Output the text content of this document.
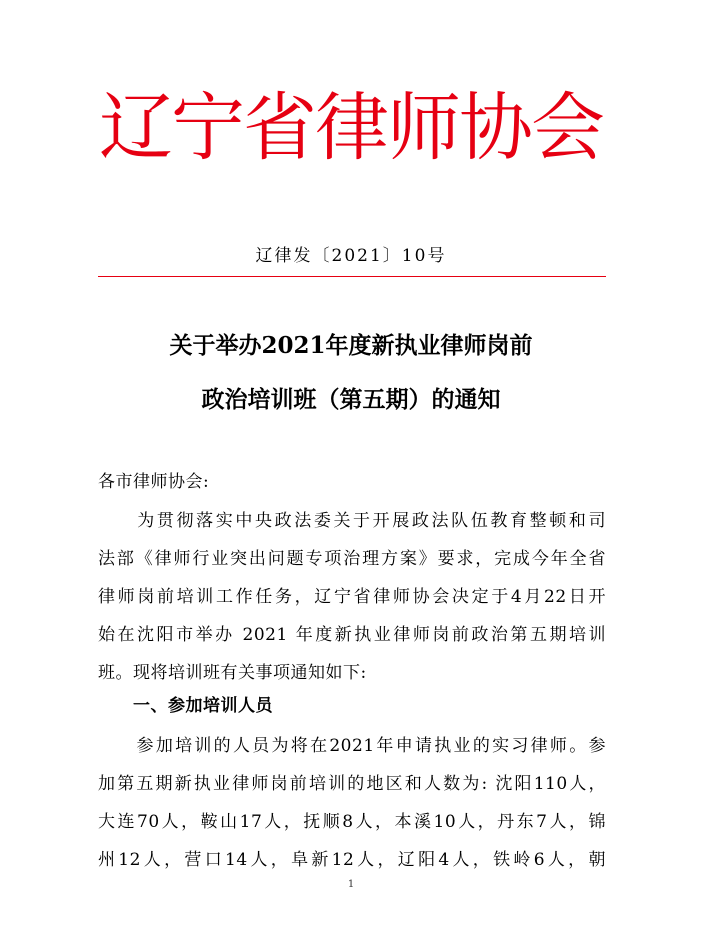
辽宁省律师协会
辽律发〔2021〕10号
关于举办2021年度新执业律师岗前
政治培训班（第五期）的通知
各市律师协会:
　　为贯彻落实中央政法委关于开展政法队伍教育整顿和司
法部《律师行业突出问题专项治理方案》要求，完成今年全省
律师岗前培训工作任务，辽宁省律师协会决定于4月22日开
始在沈阳市举办 2021 年度新执业律师岗前政治第五期培训
班。现将培训班有关事项通知如下:
　　一、参加培训人员
　　参加培训的人员为将在2021年申请执业的实习律师。参
加第五期新执业律师岗前培训的地区和人数为: 沈阳110人，
大连70人，鞍山17人，抚顺8人，本溪10人，丹东7人，锦
州12人，营口14人，阜新12人，辽阳4人，铁岭6人，朝
1
